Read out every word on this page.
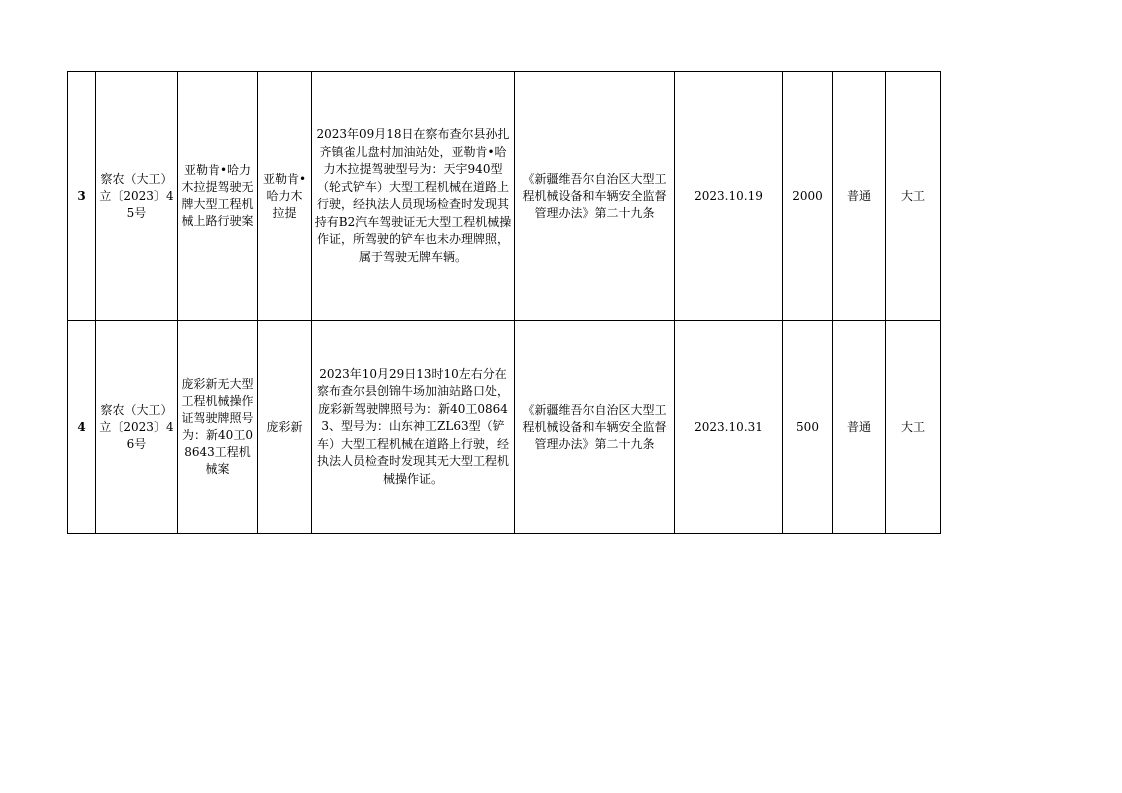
3	察农（大工）立〔2023〕45号	亚勒肯•哈力木拉提驾驶无牌大型工程机械上路行驶案	亚勒肯•哈力木拉提	2023年09月18日在察布查尔县孙扎齐镇雀儿盘村加油站处，亚勒肯•哈力木拉提驾驶型号为：天宇940型（轮式铲车）大型工程机械在道路上行驶，经执法人员现场检查时发现其持有B2汽车驾驶证无大型工程机械操作证，所驾驶的铲车也未办理牌照，属于驾驶无牌车辆。	《新疆维吾尔自治区大型工程机械设备和车辆安全监督管理办法》第二十九条	2023.10.19	2000	普通	大工
4	察农（大工）立〔2023〕46号	庞彩新无大型工程机械操作证驾驶牌照号为：新40工08643工程机械案	庞彩新	2023年10月29日13时10左右分在察布查尔县创锦牛场加油站路口处，庞彩新驾驶牌照号为：新40工08643、型号为：山东神工ZL63型（铲车）大型工程机械在道路上行驶，经执法人员检查时发现其无大型工程机械操作证。	《新疆维吾尔自治区大型工程机械设备和车辆安全监督管理办法》第二十九条	2023.10.31	500	普通	大工
